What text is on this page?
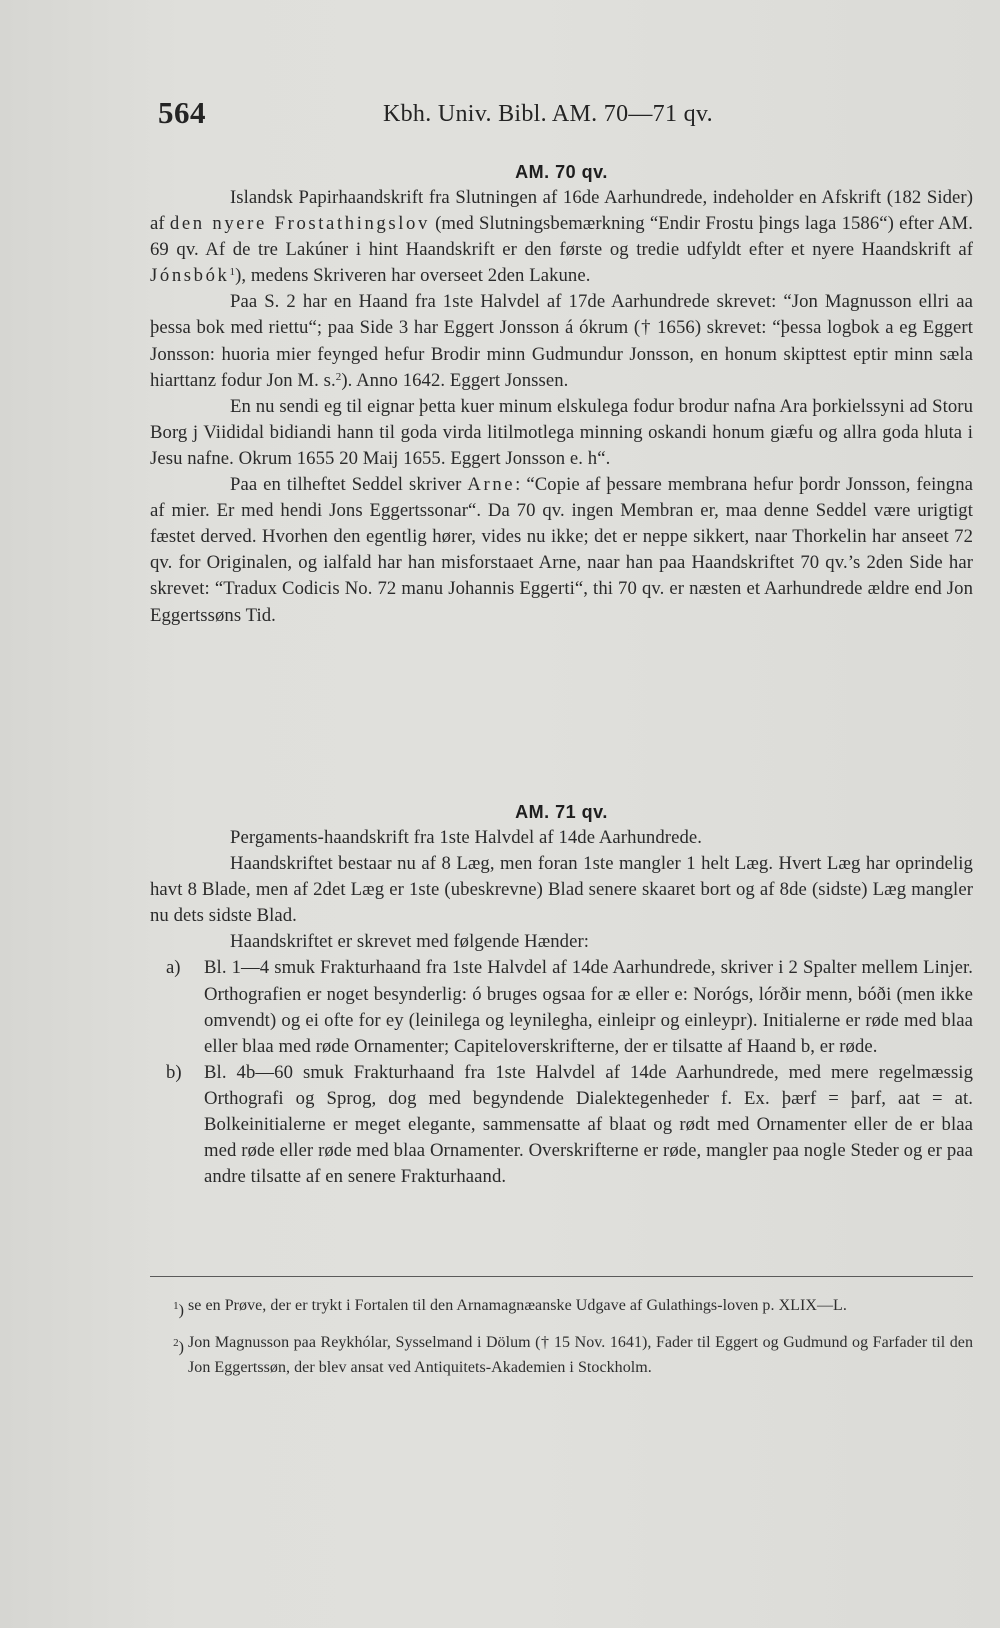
564	Kbh. Univ. Bibl. AM. 70—71 qv.
AM. 70 qv.

Islandsk Papirhaandskrift fra Slutningen af 16de Aarhundrede, indeholder en Afskrift (182 Sider) af den nyere Frostathingslov (med Slutningsbemærkning “Endir Frostu þings laga 1586“) efter AM. 69 qv. Af de tre Lakúner i hint Haandskrift er den første og tredie udfyldt efter et nyere Haandskrift af Jónsbók$^1$), medens Skriveren har overseet 2den Lakune.

Paa S. 2 har en Haand fra 1ste Halvdel af 17de Aarhundrede skrevet: “Jon Magnusson ellri aa þessa bok med riettu“; paa Side 3 har Eggert Jonsson á ókrum († 1656) skrevet: “þessa logbok a eg Eggert Jonsson: huoria mier feynged hefur Brodir minn Gudmundur Jonsson, en honum skipttest eptir minn sæla hiarttanz fodur Jon M. s.$^2$). Anno 1642. Eggert Jonssen.

En nu sendi eg til eignar þetta kuer minum elskulega fodur brodur nafna Ara þorkielssyni ad Storu Borg j Viididal bidiandi hann til goda virda litilmotlega minning oskandi honum giæfu og allra goda hluta i Jesu nafne. Okrum 1655 20 Maij 1655. Eggert Jonsson e. h“.

Paa en tilheftet Seddel skriver Arne: “Copie af þessare membrana hefur þordr Jonsson, feingna af mier. Er med hendi Jons Eggertssonar“. Da 70 qv. ingen Membran er, maa denne Seddel være urigtigt fæstet derved. Hvorhen den egentlig hører, vides nu ikke; det er neppe sikkert, naar Thorkelin har anseet 72 qv. for Originalen, og ialfald har han misforstaaet Arne, naar han paa Haandskriftet 70 qv.’s 2den Side har skrevet: “Tradux Codicis No. 72 manu Johannis Eggerti“, thi 70 qv. er næsten et Aarhundrede ældre end Jon Eggertssøns Tid.

AM. 71 qv.

Pergaments-haandskrift fra 1ste Halvdel af 14de Aarhundrede.

Haandskriftet bestaar nu af 8 Læg, men foran 1ste mangler 1 helt Læg. Hvert Læg har oprindelig havt 8 Blade, men af 2det Læg er 1ste (ubeskrevne) Blad senere skaaret bort og af 8de (sidste) Læg mangler nu dets sidste Blad.

Haandskriftet er skrevet med følgende Hænder:

a)	Bl. 1—4 smuk Frakturhaand fra 1ste Halvdel af 14de Aarhundrede, skriver i 2 Spalter mellem Linjer. Orthografien er noget besynderlig: ó bruges ogsaa for æ eller e: Norógs, lórðir menn, bóði (men ikke omvendt) og ei ofte for ey (leinilega og leynilegha, einleipr og einleypr). Initialerne er røde med blaa eller blaa med røde Ornamenter; Capiteloverskrifterne, der er tilsatte af Haand b, er røde.

b)	Bl. 4b—60 smuk Frakturhaand fra 1ste Halvdel af 14de Aarhundrede, med mere regelmæssig Orthografi og Sprog, dog med begyndende Dialektegenheder f. Ex. þærf = þarf, aat = at. Bolkeinitialerne er meget elegante, sammensatte af blaat og rødt med Ornamenter eller de er blaa med røde eller røde med blaa Ornamenter. Overskrifterne er røde, mangler paa nogle Steder og er paa andre tilsatte af en senere Frakturhaand.

$^1$) se en Prøve, der er trykt i Fortalen til den Arnamagnæanske Udgave af Gulathings-loven p. XLIX—L.

$^2$) Jon Magnusson paa Reykhólar, Sysselmand i Dölum († 15 Nov. 1641), Fader til Eggert og Gudmund og Farfader til den Jon Eggertssøn, der blev ansat ved Antiquitets-Akademien i Stockholm.
